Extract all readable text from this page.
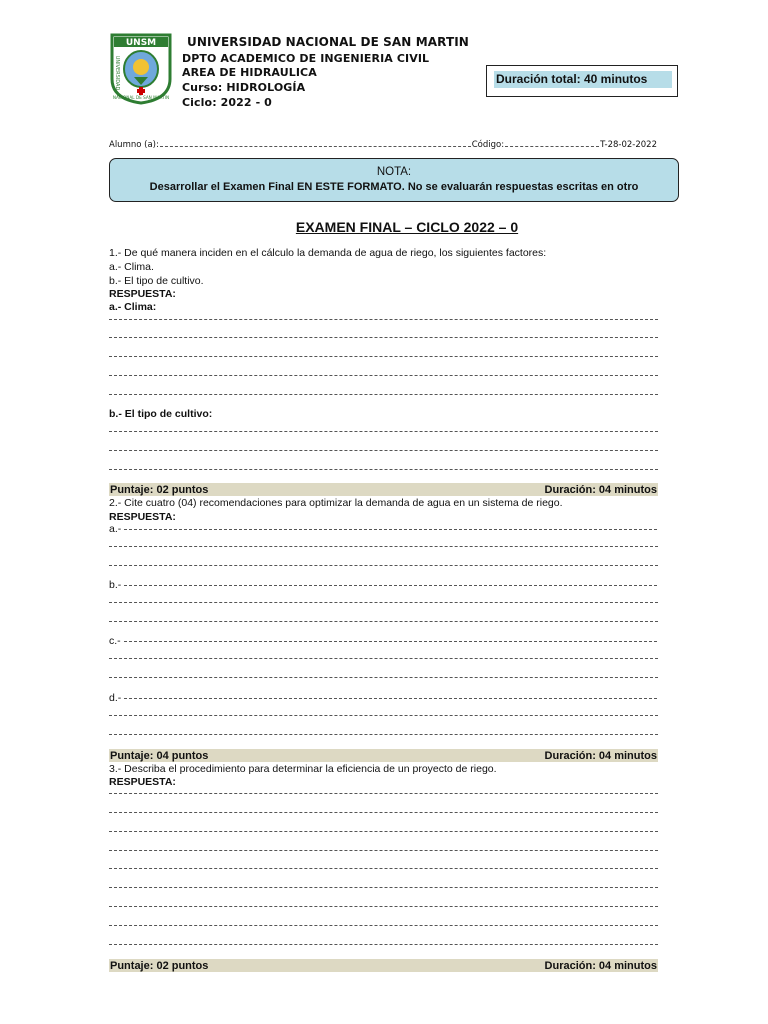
UNSM
UNIVERSIDAD
NACIONAL DE SAN MARTIN
UNIVERSIDAD NACIONAL DE SAN MARTIN
DPTO ACADEMICO DE INGENIERIA CIVIL
AREA DE HIDRAULICA
Curso: HIDROLOGÍA
Ciclo: 2022 - 0
Duración total: 40 minutos
Alumno (a):	Código:	T-28-02-2022
NOTA:
Desarrollar el Examen Final EN ESTE FORMATO. No se evaluarán respuestas escritas en otro
EXAMEN FINAL – CICLO 2022 – 0
1.- De qué manera inciden en el cálculo la demanda de agua de riego, los siguientes factores:
a.- Clima.
b.- El tipo de cultivo.
RESPUESTA:
a.- Clima:
b.- El tipo de cultivo:
Puntaje: 02 puntos	Duración: 04 minutos
2.- Cite cuatro (04) recomendaciones para optimizar la demanda de agua en un sistema de riego.
RESPUESTA:
a.-
b.-
c.-
d.-
Puntaje: 04 puntos	Duración: 04 minutos
3.- Describa el procedimiento para determinar la eficiencia de un proyecto de riego.
RESPUESTA:
Puntaje: 02 puntos	Duración: 04 minutos
